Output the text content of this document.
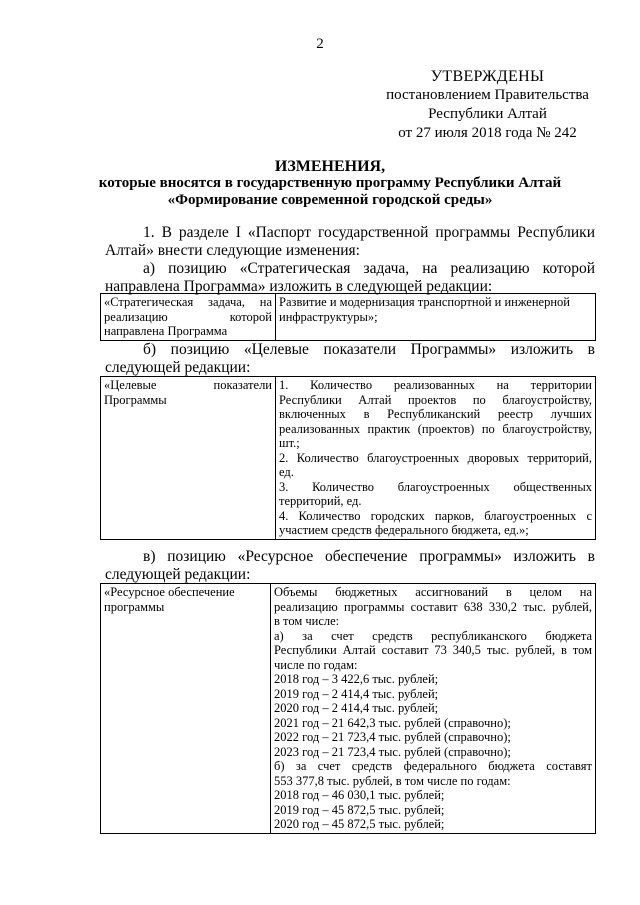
2
УТВЕРЖДЕНЫ
постановлением Правительства
Республики Алтай
от 27 июля 2018 года № 242
ИЗМЕНЕНИЯ,
которые вносятся в государственную программу Республики Алтай
«Формирование современной городской среды»
1. В разделе I «Паспорт государственной программы Республики
Алтай» внести следующие изменения:
а) позицию «Стратегическая задача, на реализацию которой
направлена Программа» изложить в следующей редакции:
«Стратегическая задача, на
реализацию которой
направлена Программа

Развитие и модернизация транспортной и инженерной
инфраструктуры»;
б) позицию «Целевые показатели Программы» изложить в
следующей редакции:
«Целевые показатели Программы

1. Количество реализованных на территории
Республики Алтай проектов по благоустройству,
включенных в Республиканский реестр лучших
реализованных практик (проектов) по благоустройству,
шт.;
2. Количество благоустроенных дворовых территорий,
ед.
3. Количество благоустроенных общественных
территорий, ед.
4. Количество городских парков, благоустроенных с
участием средств федерального бюджета, ед.»;
в) позицию «Ресурсное обеспечение программы» изложить в
следующей редакции:
«Ресурсное обеспечение
программы

Объемы бюджетных ассигнований в целом на
реализацию программы составит 638 330,2 тыс. рублей,
в том числе:
а) за счет средств республиканского бюджета
Республики Алтай составит 73 340,5 тыс. рублей, в том
числе по годам:
2018 год – 3 422,6 тыс. рублей;
2019 год – 2 414,4 тыс. рублей;
2020 год – 2 414,4 тыс. рублей;
2021 год – 21 642,3 тыс. рублей (справочно);
2022 год – 21 723,4 тыс. рублей (справочно);
2023 год – 21 723,4 тыс. рублей (справочно);
б) за счет средств федерального бюджета составят
553 377,8 тыс. рублей, в том числе по годам:
2018 год – 46 030,1 тыс. рублей;
2019 год – 45 872,5 тыс. рублей;
2020 год – 45 872,5 тыс. рублей;
